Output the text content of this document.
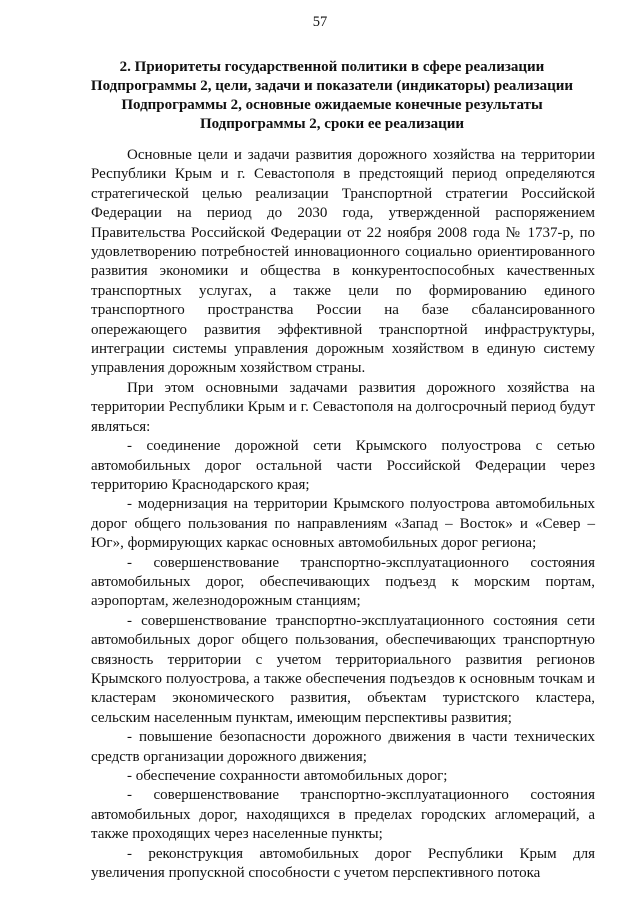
57
2. Приоритеты государственной политики в сфере реализации
Подпрограммы 2, цели, задачи и показатели (индикаторы) реализации
Подпрограммы 2, основные ожидаемые конечные результаты
Подпрограммы 2, сроки ее реализации

Основные цели и задачи развития дорожного хозяйства на территории Республики Крым и г. Севастополя в предстоящий период определяются стратегической целью реализации Транспортной стратегии Российской Федерации на период до 2030 года, утвержденной распоряжением Правительства Российской Федерации от 22 ноября 2008 года № 1737-р, по удовлетворению потребностей инновационного социально ориентированного развития экономики и общества в конкурентоспособных качественных транспортных услугах, а также цели по формированию единого транспортного пространства России на базе сбалансированного опережающего развития эффективной транспортной инфраструктуры, интеграции системы управления дорожным хозяйством в единую систему управления дорожным хозяйством страны.

При этом основными задачами развития дорожного хозяйства на территории Республики Крым и г. Севастополя на долгосрочный период будут являться:

- соединение дорожной сети Крымского полуострова с сетью автомобильных дорог остальной части Российской Федерации через территорию Краснодарского края;

- модернизация на территории Крымского полуострова автомобильных дорог общего пользования по направлениям «Запад – Восток» и «Север – Юг», формирующих каркас основных автомобильных дорог региона;

- совершенствование транспортно-эксплуатационного состояния автомобильных дорог, обеспечивающих подъезд к морским портам, аэропортам, железнодорожным станциям;

- совершенствование транспортно-эксплуатационного состояния сети автомобильных дорог общего пользования, обеспечивающих транспортную связность территории с учетом территориального развития регионов Крымского полуострова, а также обеспечения подъездов к основным точкам и кластерам экономического развития, объектам туристского кластера, сельским населенным пунктам, имеющим перспективы развития;

- повышение безопасности дорожного движения в части технических средств организации дорожного движения;

- обеспечение сохранности автомобильных дорог;

- совершенствование транспортно-эксплуатационного состояния автомобильных дорог, находящихся в пределах городских агломераций, а также проходящих через населенные пункты;

- реконструкция автомобильных дорог Республики Крым для увеличения пропускной способности с учетом перспективного потока
